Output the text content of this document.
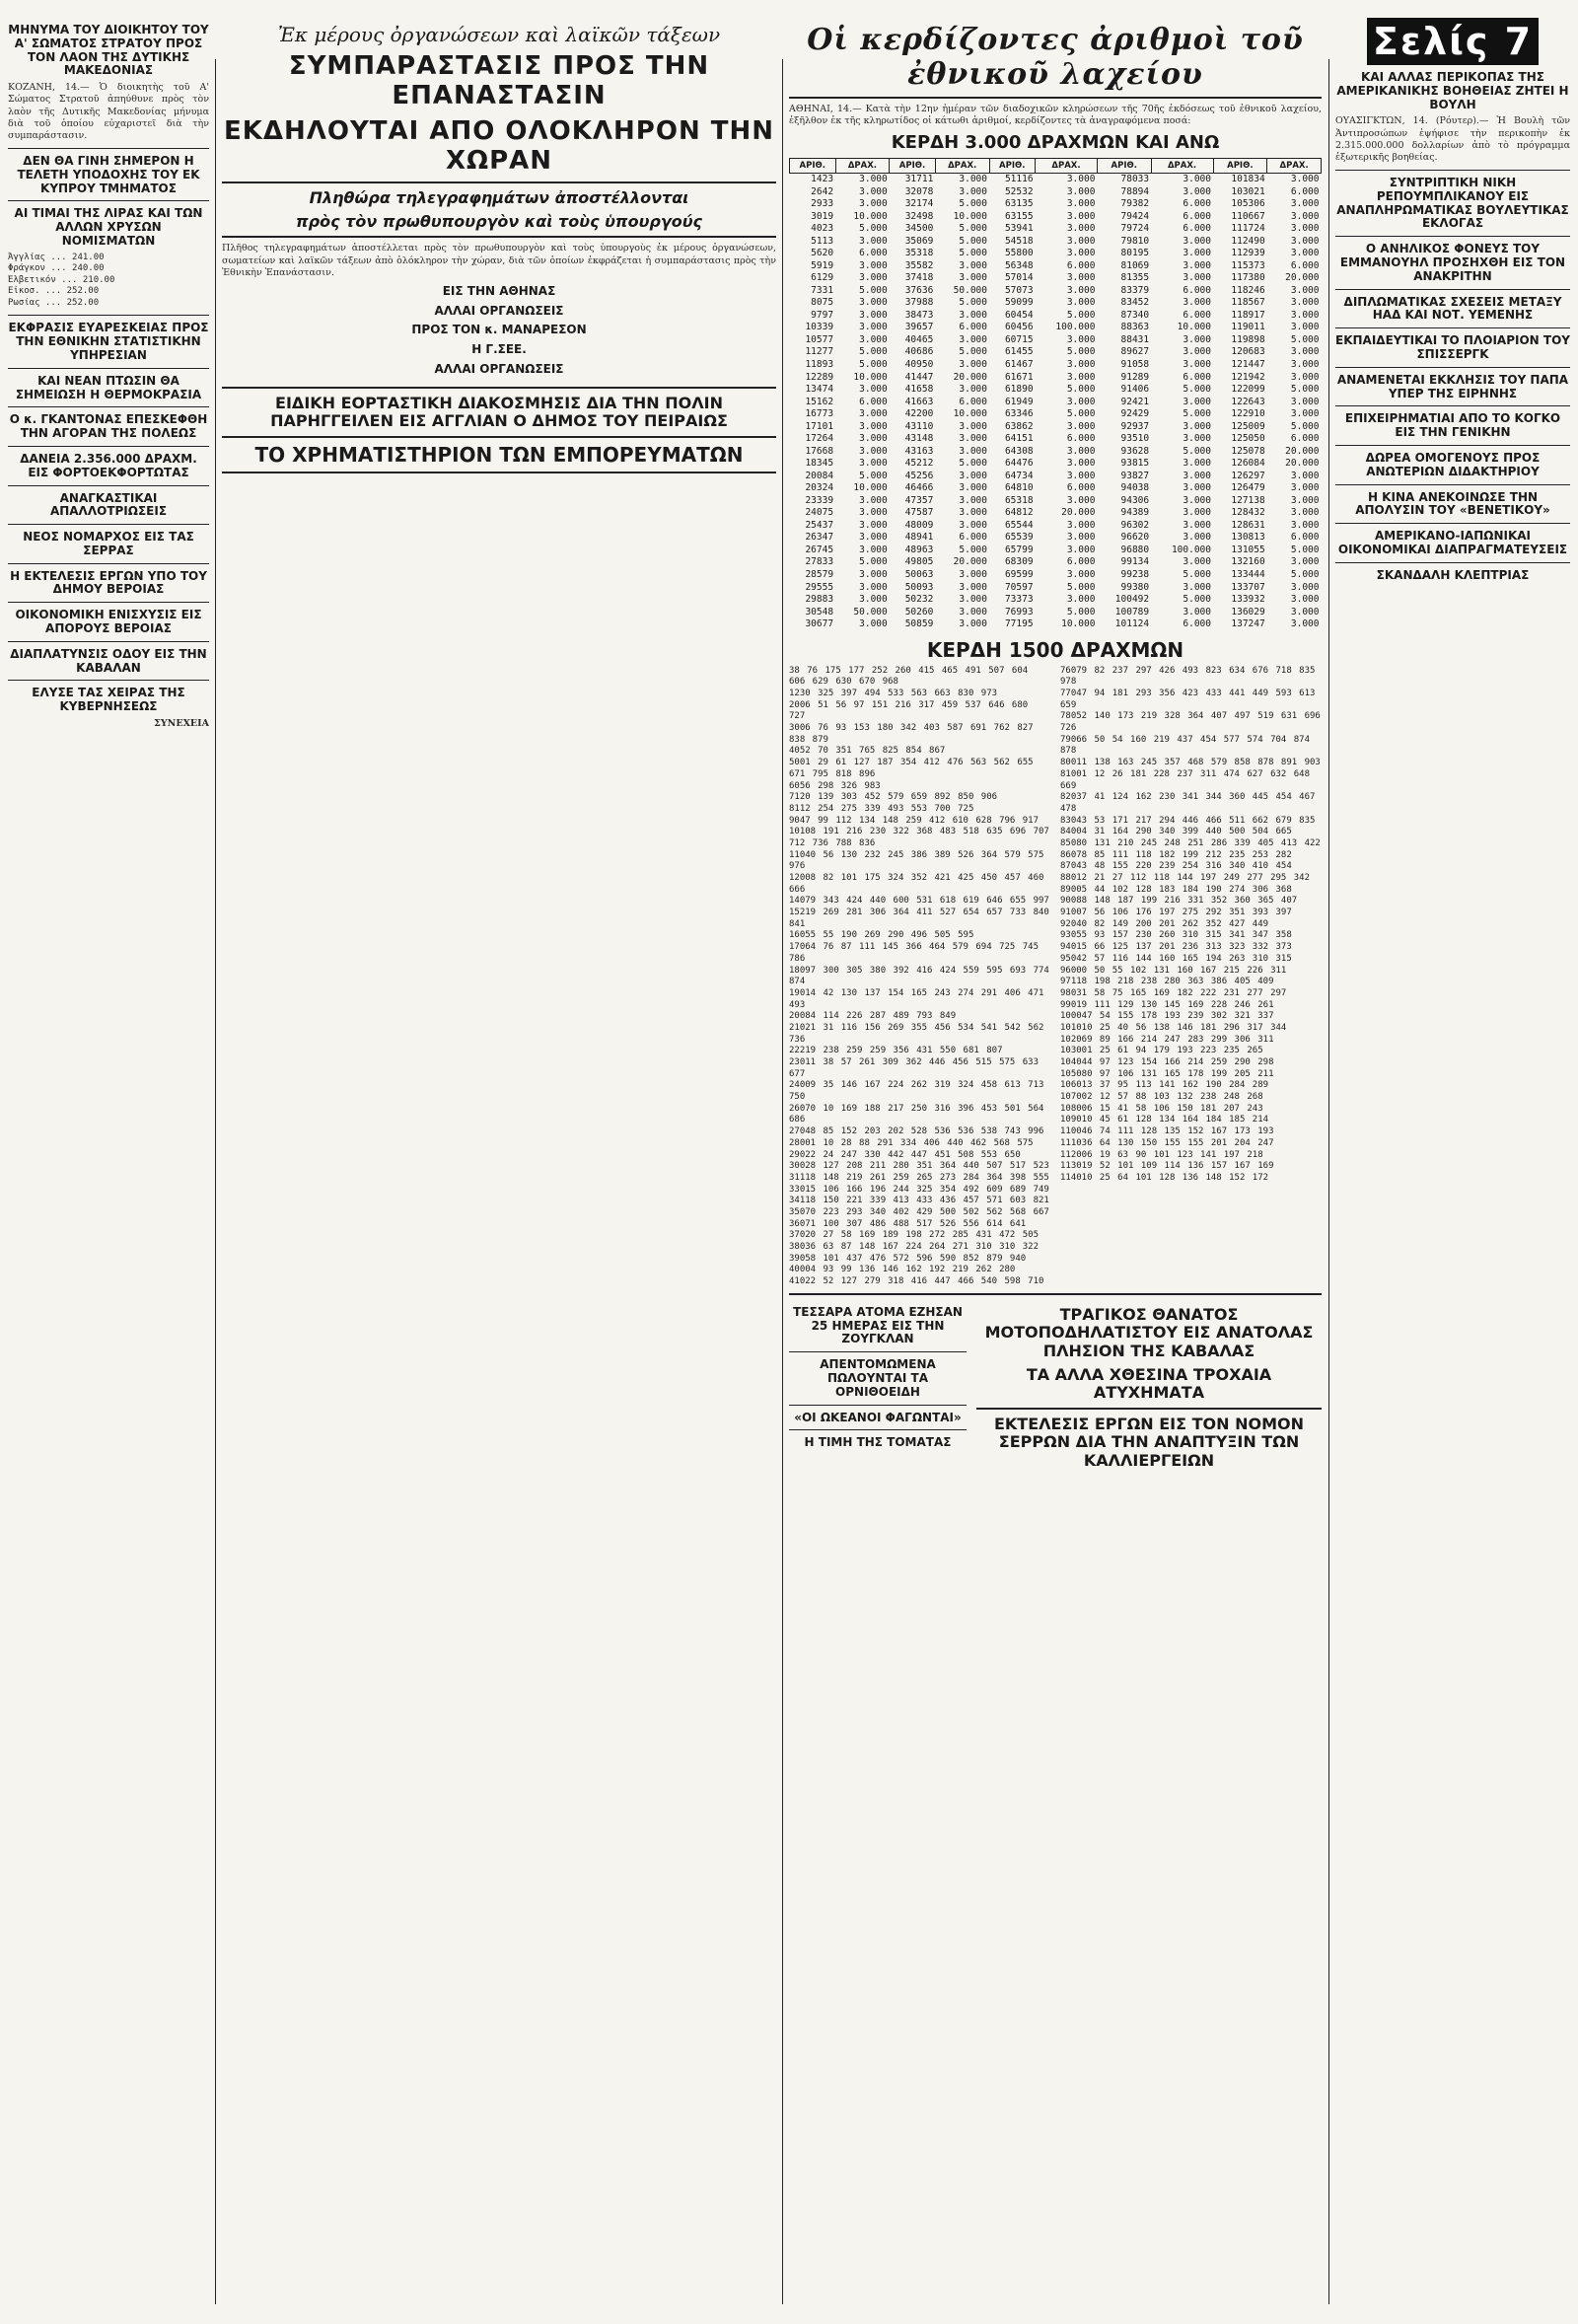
ΜΗΝΥΜΑ ΤΟΥ ΔΙΟΙΚΗΤΟΥ ΤΟΥ Α' ΣΩΜΑΤΟΣ ΣΤΡΑΤΟΥ ΠΡΟΣ ΤΟΝ ΛΑΟΝ ΤΗΣ ΔΥΤΙΚΗΣ ΜΑΚΕΔΟΝΙΑΣ

ΚΟΖΑΝΗ, 14.— Ὁ διοικητὴς τοῦ Α' Σώματος Στρατοῦ ἀπηύθυνε πρὸς τὸν λαὸν τῆς Δυτικῆς Μακεδονίας μήνυμα διὰ τοῦ ὁποίου εὐχαριστεῖ διὰ τὴν συμπαράστασιν.

ΔΕΝ ΘΑ ΓΙΝΗ ΣΗΜΕΡΟΝ Η ΤΕΛΕΤΗ ΥΠΟΔΟΧΗΣ ΤΟΥ ΕΚ ΚΥΠΡΟΥ ΤΜΗΜΑΤΟΣ
ΑΙ ΤΙΜΑΙ ΤΗΣ ΛΙΡΑΣ ΚΑΙ ΤΩΝ ΑΛΛΩΝ ΧΡΥΣΩΝ ΝΟΜΙΣΜΑΤΩΝ
Ἀγγλίας ... 241.00
Φράγκον ... 240.00
Ἑλβετικόν ... 210.00
Εἰκοσ. ... 252.00
Ρωσίας ... 252.00
ΕΚΦΡΑΣΙΣ ΕΥΑΡΕΣΚΕΙΑΣ ΠΡΟΣ ΤΗΝ ΕΘΝΙΚΗΝ ΣΤΑΤΙΣΤΙΚΗΝ ΥΠΗΡΕΣΙΑΝ
ΚΑΙ ΝΕΑΝ ΠΤΩΣΙΝ ΘΑ ΣΗΜΕΙΩΣΗ Η ΘΕΡΜΟΚΡΑΣΙΑ
Ο κ. ΓΚΑΝΤΟΝΑΣ ΕΠΕΣΚΕΦΘΗ ΤΗΝ ΑΓΟΡΑΝ ΤΗΣ ΠΟΛΕΩΣ
ΔΑΝΕΙΑ 2.356.000 ΔΡΑΧΜ. ΕΙΣ ΦΟΡΤΟΕΚΦΟΡΤΩΤΑΣ
ΑΝΑΓΚΑΣΤΙΚΑΙ ΑΠΑΛΛΟΤΡΙΩΣΕΙΣ
ΝΕΟΣ ΝΟΜΑΡΧΟΣ ΕΙΣ ΤΑΣ ΣΕΡΡΑΣ
Η ΕΚΤΕΛΕΣΙΣ ΕΡΓΩΝ ΥΠΟ ΤΟΥ ΔΗΜΟΥ ΒΕΡΟΙΑΣ
ΟΙΚΟΝΟΜΙΚΗ ΕΝΙΣΧΥΣΙΣ ΕΙΣ ΑΠΟΡΟΥΣ ΒΕΡΟΙΑΣ
ΔΙΑΠΛΑΤΥΝΣΙΣ ΟΔΟΥ ΕΙΣ ΤΗΝ ΚΑΒΑΛΑΝ
ΕΛΥΣΕ ΤΑΣ ΧΕΙΡΑΣ ΤΗΣ ΚΥΒΕΡΝΗΣΕΩΣ
ΣΥΝΕΧΕΙΑ
Ἐκ μέρους ὀργανώσεων καὶ λαϊκῶν τάξεων
ΣΥΜΠΑΡΑΣΤΑΣΙΣ ΠΡΟΣ ΤΗΝ ΕΠΑΝΑΣΤΑΣΙΝ
ΕΚΔΗΛΟΥΤΑΙ ΑΠΟ ΟΛΟΚΛΗΡΟΝ ΤΗΝ ΧΩΡΑΝ
Πληθώρα τηλεγραφημάτων ἀποστέλλονται
πρὸς τὸν πρωθυπουργὸν καὶ τοὺς ὑπουργούς

Πλῆθος τηλεγραφημάτων ἀποστέλλεται πρὸς τὸν πρωθυπουργὸν καὶ τοὺς ὑπουργοὺς ἐκ μέρους ὀργανώσεων, σωματείων καὶ λαϊκῶν τάξεων ἀπὸ ὁλόκληρον τὴν χώραν, διὰ τῶν ὁποίων ἐκφράζεται ἡ συμπαράστασις πρὸς τὴν Ἐθνικὴν Ἐπανάστασιν.

ΕΙΣ ΤΗΝ ΑΘΗΝΑΣ
ΑΛΛΑΙ ΟΡΓΑΝΩΣΕΙΣ
ΠΡΟΣ ΤΟΝ κ. ΜΑΝΑΡΕΣΟΝ
Η Γ.ΣΕΕ.
ΑΛΛΑΙ ΟΡΓΑΝΩΣΕΙΣ
ΕΙΔΙΚΗ ΕΟΡΤΑΣΤΙΚΗ ΔΙΑΚΟΣΜΗΣΙΣ ΔΙΑ ΤΗΝ ΠΟΛΙΝ ΠΑΡΗΓΓΕΙΛΕΝ ΕΙΣ ΑΓΓΛΙΑΝ Ο ΔΗΜΟΣ ΤΟΥ ΠΕΙΡΑΙΩΣ
ΤΟ ΧΡΗΜΑΤΙΣΤΗΡΙΟΝ ΤΩΝ ΕΜΠΟΡΕΥΜΑΤΩΝ
Οἱ κερδίζοντες ἀριθμοὶ τοῦ ἐθνικοῦ λαχείου

ΑΘΗΝΑΙ, 14.— Κατὰ τὴν 12ην ἡμέραν τῶν διαδοχικῶν κληρώσεων τῆς 70ῆς ἐκδόσεως τοῦ ἐθνικοῦ λαχείου, ἐξῆλθον ἐκ τῆς κληρωτίδος οἱ κάτωθι ἀριθμοί, κερδίζοντες τὰ ἀναγραφόμενα ποσά:

ΚΕΡΔΗ 3.000 ΔΡΑΧΜΩΝ ΚΑΙ ΑΝΩ
ΑΡΙΘ.	ΔΡΑΧ.	ΑΡΙΘ.	ΔΡΑΧ.	ΑΡΙΘ.	ΔΡΑΧ.	ΑΡΙΘ.	ΔΡΑΧ.	ΑΡΙΘ.	ΔΡΑΧ.
1423	3.000	31711	3.000	51116	3.000	78033	3.000	101834	3.000
2642	3.000	32078	3.000	52532	3.000	78894	3.000	103021	6.000
2933	3.000	32174	5.000	63135	3.000	79382	6.000	105306	3.000
3019	10.000	32498	10.000	63155	3.000	79424	6.000	110667	3.000
4023	5.000	34500	5.000	53941	3.000	79724	6.000	111724	3.000
5113	3.000	35069	5.000	54518	3.000	79810	3.000	112490	3.000
5620	6.000	35318	5.000	55800	3.000	80195	3.000	112939	3.000
5919	3.000	35582	3.000	56348	6.000	81069	3.000	115373	6.000
6129	3.000	37418	3.000	57014	3.000	81355	3.000	117380	20.000
7331	5.000	37636	50.000	57073	3.000	83379	6.000	118246	3.000
8075	3.000	37988	5.000	59099	3.000	83452	3.000	118567	3.000
9797	3.000	38473	3.000	60454	5.000	87340	6.000	118917	3.000
10339	3.000	39657	6.000	60456	100.000	88363	10.000	119011	3.000
10577	3.000	40465	3.000	60715	3.000	88431	3.000	119898	5.000
11277	5.000	40686	5.000	61455	5.000	89627	3.000	120683	3.000
11893	5.000	40950	3.000	61467	3.000	91058	3.000	121447	3.000
12289	10.000	41447	20.000	61671	3.000	91289	6.000	121942	3.000
13474	3.000	41658	3.000	61890	5.000	91406	5.000	122099	5.000
15162	6.000	41663	6.000	61949	3.000	92421	3.000	122643	3.000
16773	3.000	42200	10.000	63346	5.000	92429	5.000	122910	3.000
17101	3.000	43110	3.000	63862	3.000	92937	3.000	125009	5.000
17264	3.000	43148	3.000	64151	6.000	93510	3.000	125050	6.000
17668	3.000	43163	3.000	64308	3.000	93628	5.000	125078	20.000
18345	3.000	45212	5.000	64476	3.000	93815	3.000	126084	20.000
20084	5.000	45256	3.000	64734	3.000	93827	3.000	126297	3.000
20324	10.000	46466	3.000	64810	6.000	94038	3.000	126479	3.000
23339	3.000	47357	3.000	65318	3.000	94306	3.000	127138	3.000
24075	3.000	47587	3.000	64812	20.000	94389	3.000	128432	3.000
25437	3.000	48009	3.000	65544	3.000	96302	3.000	128631	3.000
26347	3.000	48941	6.000	65539	3.000	96620	3.000	130813	6.000
26745	3.000	48963	5.000	65799	3.000	96880	100.000	131055	5.000
27833	5.000	49805	20.000	68309	6.000	99134	3.000	132160	3.000
28579	3.000	50063	3.000	69599	3.000	99238	5.000	133444	5.000
29555	3.000	50093	3.000	70597	5.000	99380	3.000	133707	3.000
29883	3.000	50232	3.000	73373	3.000	100492	5.000	133932	3.000
30548	50.000	50260	3.000	76993	5.000	100789	3.000	136029	3.000
30677	3.000	50859	3.000	77195	10.000	101124	6.000	137247	3.000
ΚΕΡΔΗ 1500 ΔΡΑΧΜΩΝ
38 76 175 177 252 260 415 465 491 507 604 606 629 630 670 968
1230 325 397 494 533 563 663 830 973
2006 51 56 97 151 216 317 459 537 646 680 727
3006 76 93 153 180 342 403 587 691 762 827 838 879
4052 70 351 765 825 854 867
5001 29 61 127 187 354 412 476 563 562 655 671 795 818 896
6056 298 326 983
7120 139 303 452 579 659 892 850 906
8112 254 275 339 493 553 700 725
9047 99 112 134 148 259 412 610 628 796 917
10108 191 216 230 322 368 483 518 635 696 707 712 736 788 836
11040 56 130 232 245 386 389 526 364 579 575 976
12008 82 101 175 324 352 421 425 450 457 460 666
14079 343 424 440 600 531 618 619 646 655 997
15219 269 281 306 364 411 527 654 657 733 840 841
16055 55 190 269 290 496 505 595
17064 76 87 111 145 366 464 579 694 725 745 786
18097 300 305 380 392 416 424 559 595 693 774 874
19014 42 130 137 154 165 243 274 291 406 471 493
20084 114 226 287 489 793 849
21021 31 116 156 269 355 456 534 541 542 562 736
22219 238 259 259 356 431 550 681 807
23011 38 57 261 309 362 446 456 515 575 633 677
24009 35 146 167 224 262 319 324 458 613 713 750
26070 10 169 188 217 250 316 396 453 501 564 686
27048 85 152 203 202 528 536 536 538 743 996
28001 10 28 88 291 334 406 440 462 568 575
29022 24 247 330 442 447 451 508 553 650
30028 127 208 211 280 351 364 440 507 517 523
31118 148 219 261 259 265 273 284 364 398 555
33015 106 166 196 244 325 354 492 609 689 749
34118 150 221 339 413 433 436 457 571 603 821
35070 223 293 340 402 429 500 502 562 568 667
36071 100 307 486 488 517 526 556 614 641
37020 27 58 169 189 198 272 285 431 472 505
38036 63 87 148 167 224 264 271 310 310 322
39058 101 437 476 572 596 590 852 879 940
40004 93 99 136 146 162 192 219 262 280
41022 52 127 279 318 416 447 466 540 598 710
76079 82 237 297 426 493 823 634 676 718 835 978
77047 94 181 293 356 423 433 441 449 593 613 659
78052 140 173 219 328 364 407 497 519 631 696 726
79066 50 54 160 219 437 454 577 574 704 874 878
80011 138 163 245 357 468 579 858 878 891 903
81001 12 26 181 228 237 311 474 627 632 648 669
82037 41 124 162 230 341 344 360 445 454 467 478
83043 53 171 217 294 446 466 511 662 679 835
84004 31 164 290 340 399 440 500 504 665
85080 131 210 245 248 251 286 339 405 413 422
86078 85 111 118 182 199 212 235 253 282
87043 48 155 220 239 254 316 340 410 454
88012 21 27 112 118 144 197 249 277 295 342
89005 44 102 128 183 184 190 274 306 368
90088 148 187 199 216 331 352 360 365 407
91007 56 106 176 197 275 292 351 393 397
92040 82 149 200 201 262 352 427 449
93055 93 157 230 260 310 315 341 347 358
94015 66 125 137 201 236 313 323 332 373
95042 57 116 144 160 165 194 263 310 315
96000 50 55 102 131 160 167 215 226 311
97118 198 218 238 280 363 386 405 409
98031 58 75 165 169 182 222 231 277 297
99019 111 129 130 145 169 228 246 261
100047 54 155 178 193 239 302 321 337
101010 25 40 56 138 146 181 296 317 344
102069 89 166 214 247 283 299 306 311
103001 25 61 94 179 193 223 235 265
104044 97 123 154 166 214 259 290 298
105080 97 106 131 165 178 199 205 211
106013 37 95 113 141 162 190 284 289
107002 12 57 88 103 132 238 248 268
108006 15 41 58 106 150 181 207 243
109010 45 61 128 134 164 184 185 214
110046 74 111 128 135 152 167 173 193
111036 64 130 150 155 155 201 204 247
112006 19 63 90 101 123 141 197 218
113019 52 101 109 114 136 157 167 169
114010 25 64 101 128 136 148 152 172
ΤΕΣΣΑΡΑ ΑΤΟΜΑ ΕΖΗΣΑΝ 25 ΗΜΕΡΑΣ ΕΙΣ ΤΗΝ ΖΟΥΓΚΛΑΝ
ΑΠΕΝΤΟΜΩΜΕΝΑ ΠΩΛΟΥΝΤΑΙ ΤΑ ΟΡΝΙΘΟΕΙΔΗ
«ΟΙ ΩΚΕΑΝΟΙ ΦΑΓΩΝΤΑΙ»
Η ΤΙΜΗ ΤΗΣ ΤΟΜΑΤΑΣ
ΤΡΑΓΙΚΟΣ ΘΑΝΑΤΟΣ ΜΟΤΟΠΟΔΗΛΑΤΙΣΤΟΥ ΕΙΣ ΑΝΑΤΟΛΑΣ ΠΛΗΣΙΟΝ ΤΗΣ ΚΑΒΑΛΑΣ
ΤΑ ΑΛΛΑ ΧΘΕΣΙΝΑ ΤΡΟΧΑΙΑ ΑΤΥΧΗΜΑΤΑ
ΕΚΤΕΛΕΣΙΣ ΕΡΓΩΝ ΕΙΣ ΤΟΝ ΝΟΜΟΝ ΣΕΡΡΩΝ ΔΙΑ ΤΗΝ ΑΝΑΠΤΥΞΙΝ ΤΩΝ ΚΑΛΛΙΕΡΓΕΙΩΝ
Σελίς 7
ΚΑΙ ΑΛΛΑΣ ΠΕΡΙΚΟΠΑΣ ΤΗΣ ΑΜΕΡΙΚΑΝΙΚΗΣ ΒΟΗΘΕΙΑΣ ΖΗΤΕΙ Η ΒΟΥΛΗ

ΟΥΑΣΙΓΚΤΩΝ, 14. (Ρόυτερ).— Ἡ Βουλὴ τῶν Ἀντιπροσώπων ἐψήφισε τὴν περικοπὴν ἐκ 2.315.000.000 δολλαρίων ἀπὸ τὸ πρόγραμμα ἐξωτερικῆς βοηθείας.

ΣΥΝΤΡΙΠΤΙΚΗ ΝΙΚΗ ΡΕΠΟΥΜΠΛΙΚΑΝΟΥ ΕΙΣ ΑΝΑΠΛΗΡΩΜΑΤΙΚΑΣ ΒΟΥΛΕΥΤΙΚΑΣ ΕΚΛΟΓΑΣ
Ο ΑΝΗΛΙΚΟΣ ΦΟΝΕΥΣ ΤΟΥ ΕΜΜΑΝΟΥΗΛ ΠΡΟΣΗΧΘΗ ΕΙΣ ΤΟΝ ΑΝΑΚΡΙΤΗΝ
ΔΙΠΛΩΜΑΤΙΚΑΣ ΣΧΕΣΕΙΣ ΜΕΤΑΞΥ ΗΑΔ ΚΑΙ ΝΟΤ. ΥΕΜΕΝΗΣ
ΕΚΠΑΙΔΕΥΤΙΚΑΙ ΤΟ ΠΛΟΙΑΡΙΟΝ ΤΟΥ ΣΠΙΣΣΕΡΓΚ
ΑΝΑΜΕΝΕΤΑΙ ΕΚΚΛΗΣΙΣ ΤΟΥ ΠΑΠΑ ΥΠΕΡ ΤΗΣ ΕΙΡΗΝΗΣ
ΕΠΙΧΕΙΡΗΜΑΤΙΑΙ ΑΠΟ ΤΟ ΚΟΓΚΟ ΕΙΣ ΤΗΝ ΓΕΝΙΚΗΝ
ΔΩΡΕΑ ΟΜΟΓΕΝΟΥΣ ΠΡΟΣ ΑΝΩΤΕΡΙΩΝ ΔΙΔΑΚΤΗΡΙΟΥ
Η ΚΙΝΑ ΑΝΕΚΟΙΝΩΣΕ ΤΗΝ ΑΠΟΛΥΣΙΝ ΤΟΥ «ΒΕΝΕΤΙΚΟΥ»
ΑΜΕΡΙΚΑΝΟ-ΙΑΠΩΝΙΚΑΙ ΟΙΚΟΝΟΜΙΚΑΙ ΔΙΑΠΡΑΓΜΑΤΕΥΣΕΙΣ
ΣΚΑΝΔΑΛΗ ΚΛΕΠΤΡΙΑΣ
